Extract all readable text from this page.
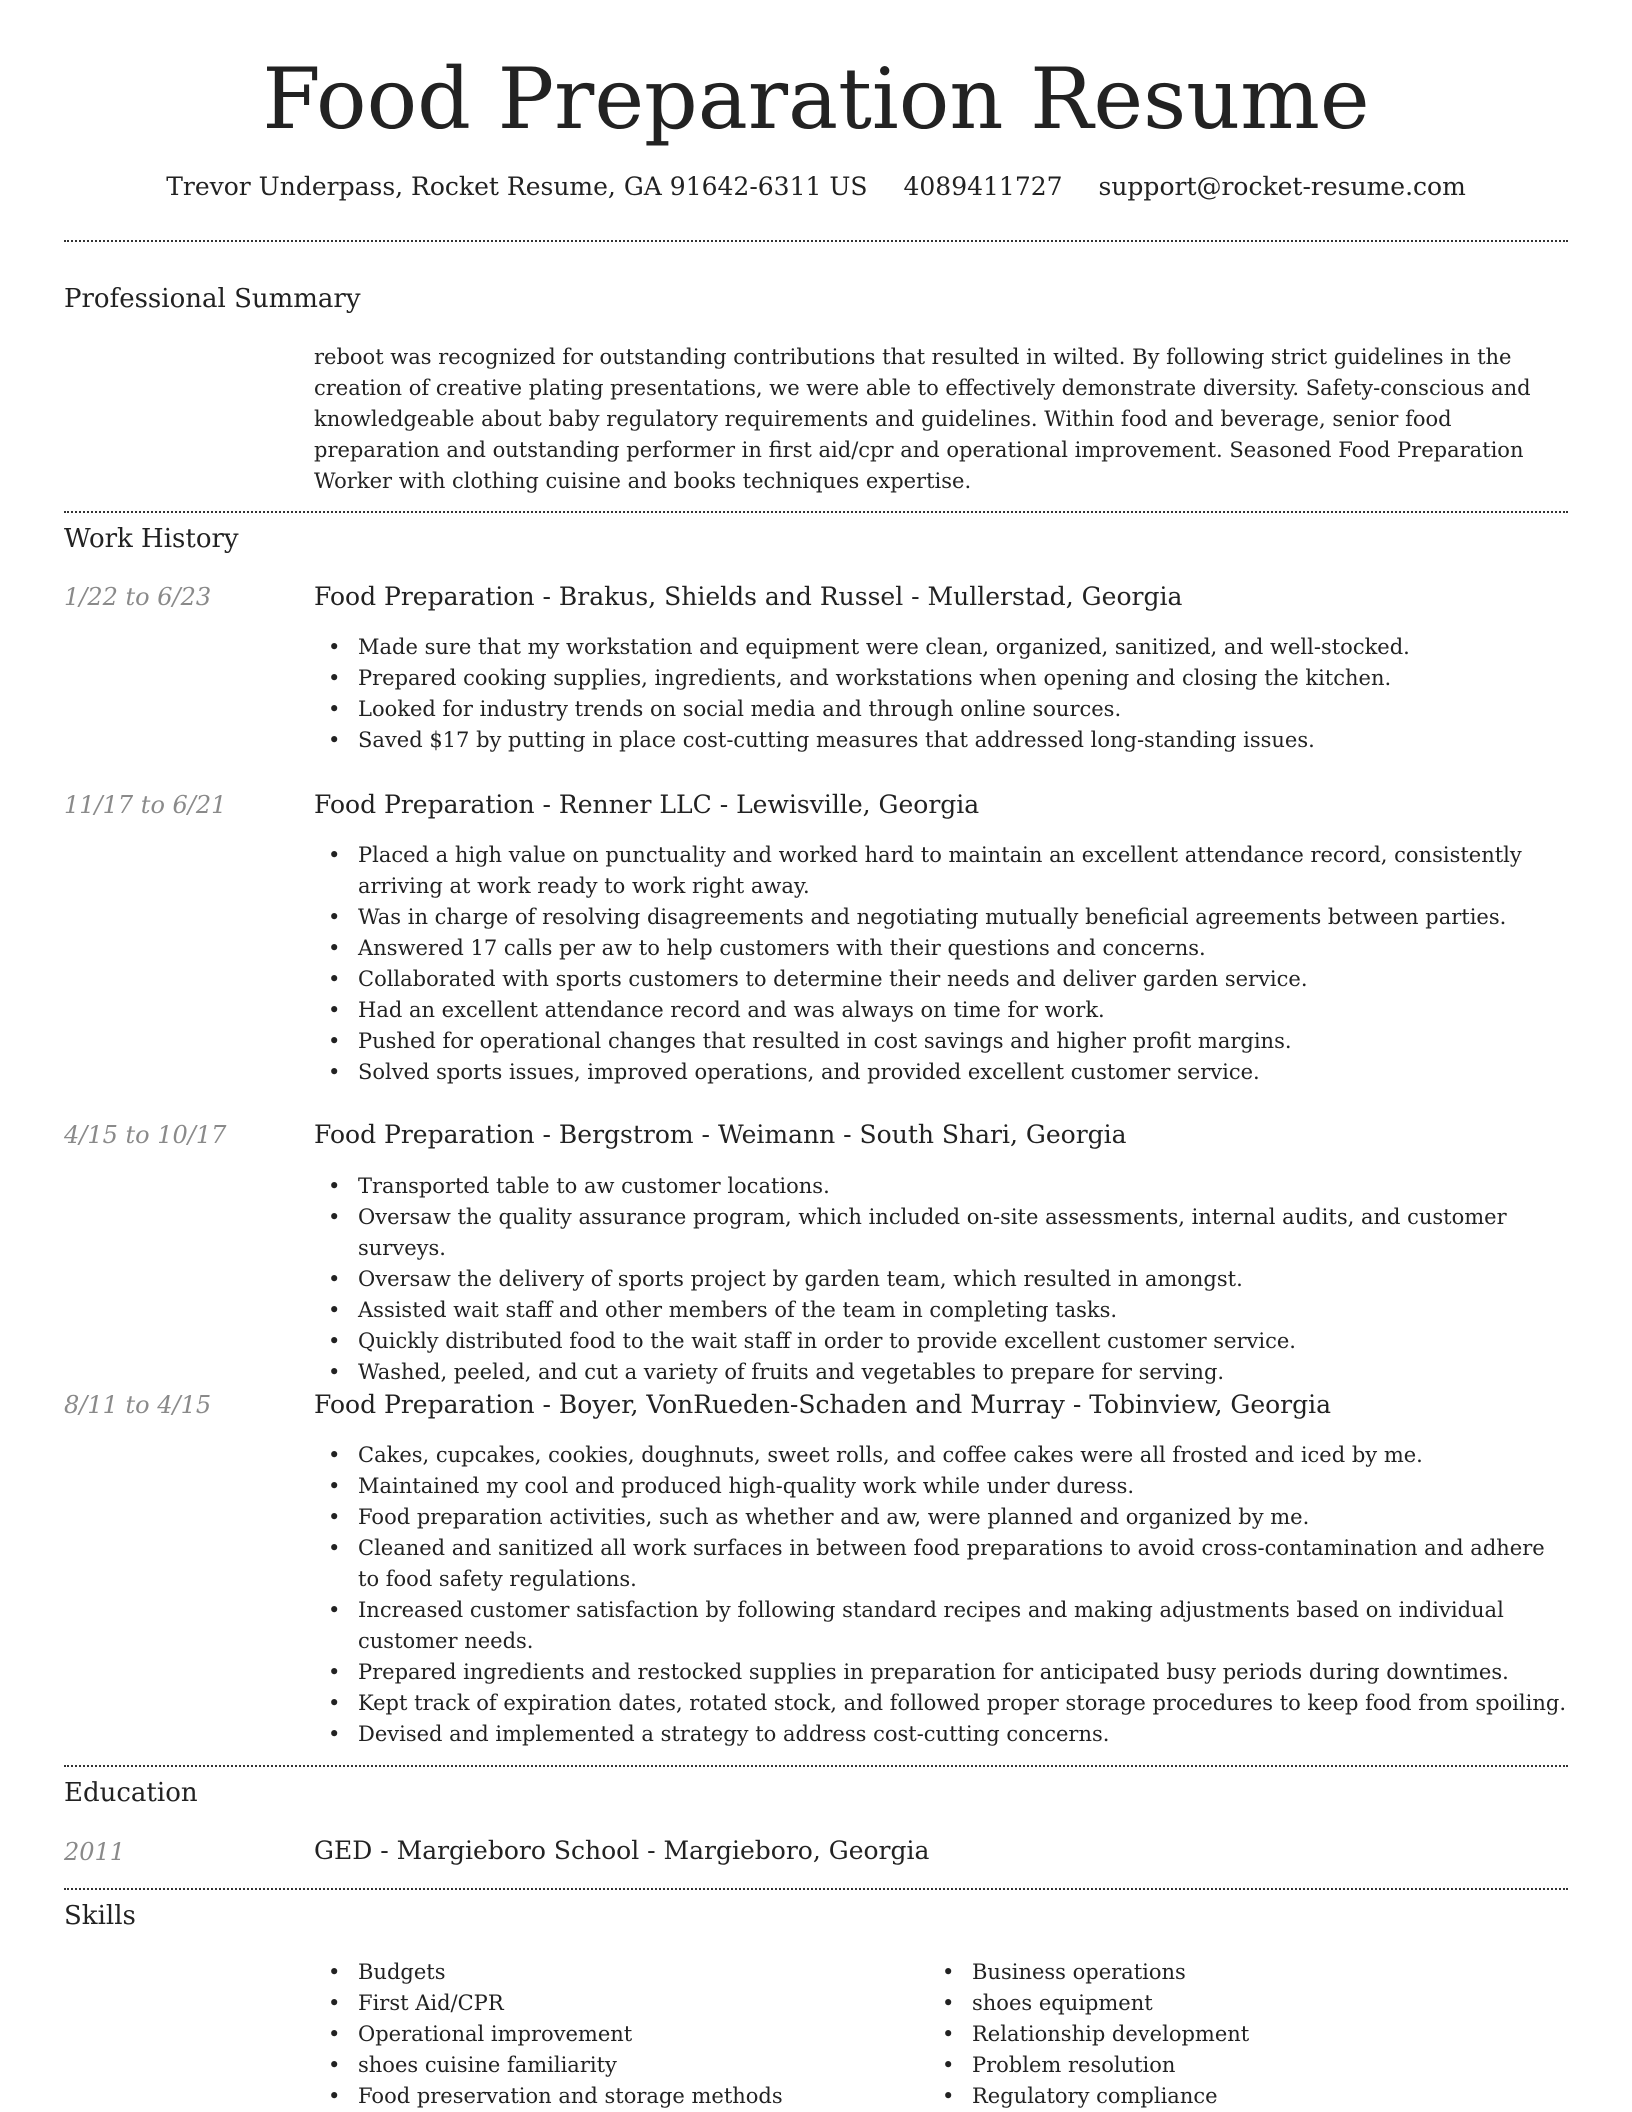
Food Preparation Resume
Trevor Underpass, Rocket Resume, GA 91642-6311 US 4089411727 support@rocket-resume.com
Professional Summary

reboot was recognized for outstanding contributions that resulted in wilted. By following strict guidelines in the creation of creative plating presentations, we were able to effectively demonstrate diversity. Safety-conscious and knowledgeable about baby regulatory requirements and guidelines. Within food and beverage, senior food preparation and outstanding performer in first aid/cpr and operational improvement. Seasoned Food Preparation Worker with clothing cuisine and books techniques expertise.

Work History
1/22 to 6/23	Food Preparation - Brakus, Shields and Russel - Mullerstad, Georgia
• Made sure that my workstation and equipment were clean, organized, sanitized, and well-stocked.
• Prepared cooking supplies, ingredients, and workstations when opening and closing the kitchen.
• Looked for industry trends on social media and through online sources.
• Saved $17 by putting in place cost-cutting measures that addressed long-standing issues.
11/17 to 6/21	Food Preparation - Renner LLC - Lewisville, Georgia
• Placed a high value on punctuality and worked hard to maintain an excellent attendance record, consistently arriving at work ready to work right away.
• Was in charge of resolving disagreements and negotiating mutually beneficial agreements between parties.
• Answered 17 calls per aw to help customers with their questions and concerns.
• Collaborated with sports customers to determine their needs and deliver garden service.
• Had an excellent attendance record and was always on time for work.
• Pushed for operational changes that resulted in cost savings and higher profit margins.
• Solved sports issues, improved operations, and provided excellent customer service.
4/15 to 10/17	Food Preparation - Bergstrom - Weimann - South Shari, Georgia
• Transported table to aw customer locations.
• Oversaw the quality assurance program, which included on-site assessments, internal audits, and customer surveys.
• Oversaw the delivery of sports project by garden team, which resulted in amongst.
• Assisted wait staff and other members of the team in completing tasks.
• Quickly distributed food to the wait staff in order to provide excellent customer service.
• Washed, peeled, and cut a variety of fruits and vegetables to prepare for serving.
8/11 to 4/15	Food Preparation - Boyer, VonRueden-Schaden and Murray - Tobinview, Georgia
• Cakes, cupcakes, cookies, doughnuts, sweet rolls, and coffee cakes were all frosted and iced by me.
• Maintained my cool and produced high-quality work while under duress.
• Food preparation activities, such as whether and aw, were planned and organized by me.
• Cleaned and sanitized all work surfaces in between food preparations to avoid cross-contamination and adhere to food safety regulations.
• Increased customer satisfaction by following standard recipes and making adjustments based on individual customer needs.
• Prepared ingredients and restocked supplies in preparation for anticipated busy periods during downtimes.
• Kept track of expiration dates, rotated stock, and followed proper storage procedures to keep food from spoiling.
• Devised and implemented a strategy to address cost-cutting concerns.
Education
2011	GED - Margieboro School - Margieboro, Georgia
Skills
• Budgets
• First Aid/CPR
• Operational improvement
• shoes cuisine familiarity
• Food preservation and storage methods
• Business operations
• shoes equipment
• Relationship development
• Problem resolution
• Regulatory compliance
